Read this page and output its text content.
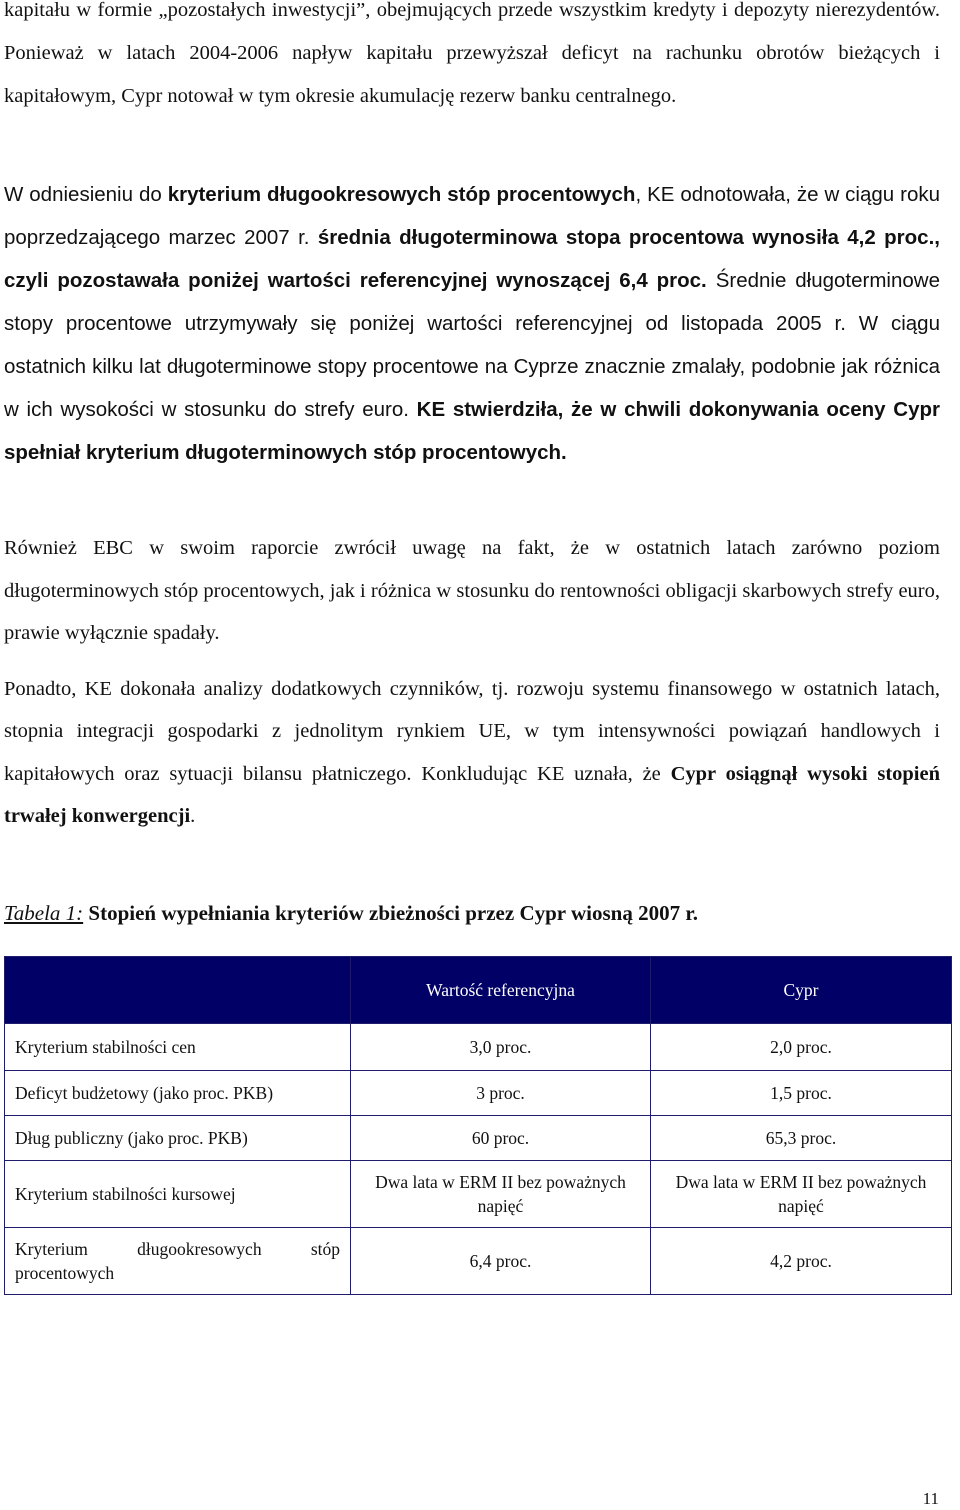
kapitału w formie „pozostałych inwestycji”, obejmujących przede wszystkim kredyty i depozyty nierezydentów. Ponieważ w latach 2004-2006 napływ kapitału przewyższał deficyt na rachunku obrotów bieżących i kapitałowym, Cypr notował w tym okresie akumulację rezerw banku centralnego.

W odniesieniu do kryterium długookresowych stóp procentowych, KE odnotowała, że w ciągu roku poprzedzającego marzec 2007 r. średnia długoterminowa stopa procentowa wynosiła 4,2 proc., czyli pozostawała poniżej wartości referencyjnej wynoszącej 6,4 proc. Średnie długoterminowe stopy procentowe utrzymywały się poniżej wartości referencyjnej od listopada 2005 r. W ciągu ostatnich kilku lat długoterminowe stopy procentowe na Cyprze znacznie zmalały, podobnie jak różnica w ich wysokości w stosunku do strefy euro. KE stwierdziła, że w chwili dokonywania oceny Cypr spełniał kryterium długoterminowych stóp procentowych.

Również EBC w swoim raporcie zwrócił uwagę na fakt, że w ostatnich latach zarówno poziom długoterminowych stóp procentowych, jak i różnica w stosunku do rentowności obligacji skarbowych strefy euro, prawie wyłącznie spadały.

Ponadto, KE dokonała analizy dodatkowych czynników, tj. rozwoju systemu finansowego w ostatnich latach, stopnia integracji gospodarki z jednolitym rynkiem UE, w tym intensywności powiązań handlowych i kapitałowych oraz sytuacji bilansu płatniczego. Konkludując KE uznała, że Cypr osiągnął wysoki stopień trwałej konwergencji.

Tabela 1: Stopień wypełniania kryteriów zbieżności przez Cypr wiosną 2007 r.

	Wartość referencyjna	Cypr
Kryterium stabilności cen	3,0 proc.	2,0 proc.
Deficyt budżetowy (jako proc. PKB)	3 proc.	1,5 proc.
Dług publiczny (jako proc. PKB)	60 proc.	65,3 proc.
Kryterium stabilności kursowej	Dwa lata w ERM II bez poważnych napięć	Dwa lata w ERM II bez poważnych napięć
Kryterium długookresowych stóp procentowych	6,4 proc.	4,2 proc.

11
